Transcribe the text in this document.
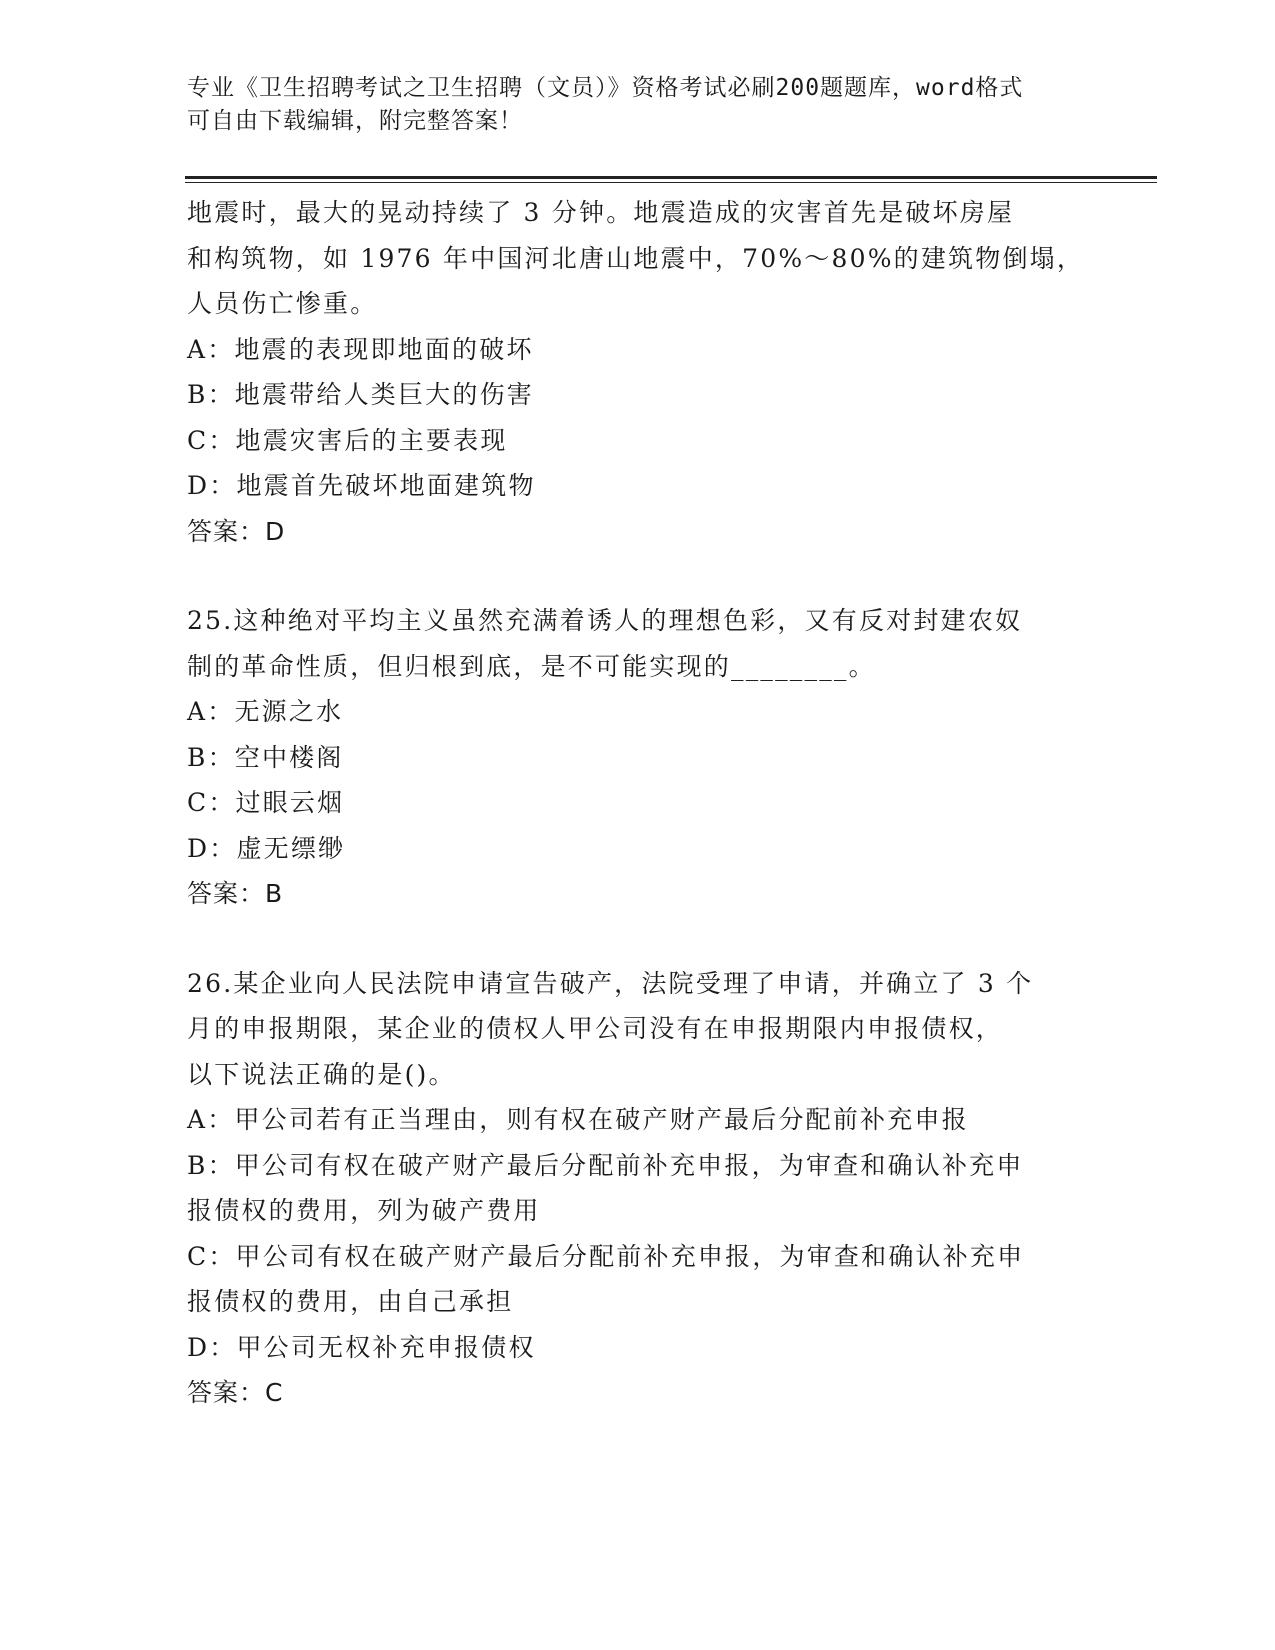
专业《卫生招聘考试之卫生招聘（文员）》资格考试必刷200题题库，word格式
可自由下载编辑，附完整答案！

地震时，最大的晃动持续了 3 分钟。地震造成的灾害首先是破坏房屋

和构筑物，如 1976 年中国河北唐山地震中，70%～80%的建筑物倒塌，

人员伤亡惨重。

A：地震的表现即地面的破坏

B：地震带给人类巨大的伤害

C：地震灾害后的主要表现

D：地震首先破坏地面建筑物

答案：D

25.这种绝对平均主义虽然充满着诱人的理想色彩，又有反对封建农奴

制的革命性质，但归根到底，是不可能实现的________。

A：无源之水

B：空中楼阁

C：过眼云烟

D：虚无缥缈

答案：B

26.某企业向人民法院申请宣告破产，法院受理了申请，并确立了 3 个

月的申报期限，某企业的债权人甲公司没有在申报期限内申报债权，

以下说法正确的是()。

A：甲公司若有正当理由，则有权在破产财产最后分配前补充申报

B：甲公司有权在破产财产最后分配前补充申报，为审查和确认补充申

报债权的费用，列为破产费用

C：甲公司有权在破产财产最后分配前补充申报，为审查和确认补充申

报债权的费用，由自己承担

D：甲公司无权补充申报债权

答案：C
